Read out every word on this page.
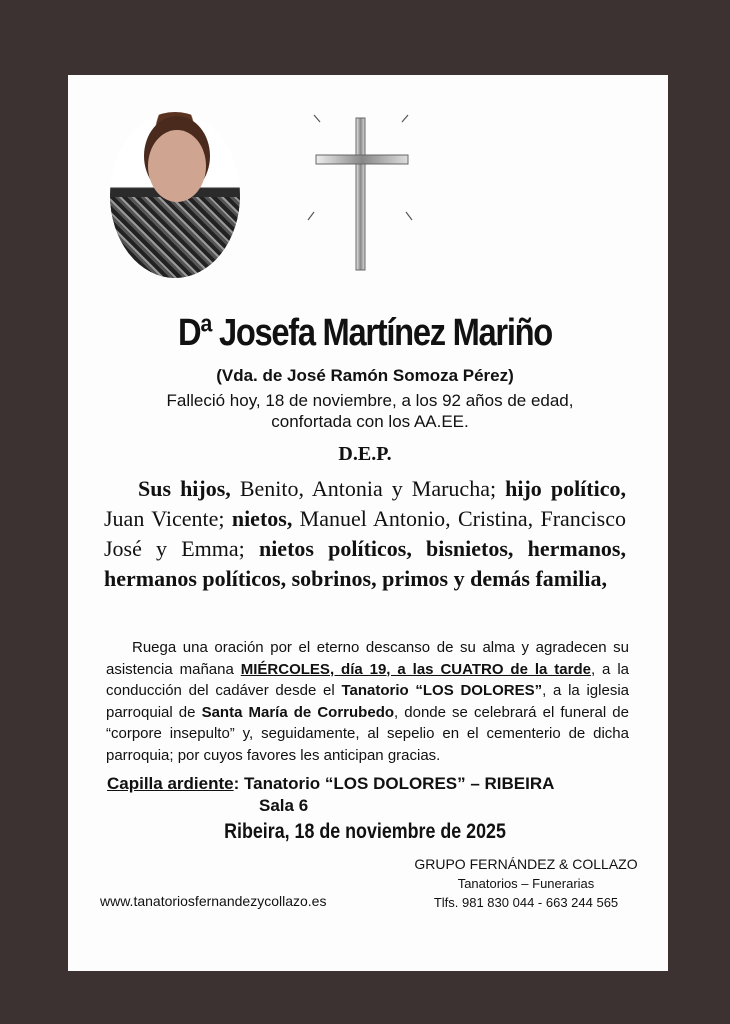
Dª Josefa Martínez Mariño
(Vda. de José Ramón Somoza Pérez)
Falleció hoy, 18 de noviembre, a los 92 años de edad,
confortada con los AA.EE.
D.E.P.
Sus hijos, Benito, Antonia y Marucha; hijo político, Juan Vicente; nietos, Manuel Antonio, Cristina, Francisco José y Emma; nietos políticos, bisnietos, hermanos, hermanos políticos, sobrinos, primos y demás familia,
Ruega una oración por el eterno descanso de su alma y agradecen su asistencia mañana MIÉRCOLES, día 19, a las CUATRO de la tarde, a la conducción del cadáver desde el Tanatorio “LOS DOLORES”, a la iglesia parroquial de Santa María de Corrubedo, donde se celebrará el funeral de “corpore insepulto” y, seguidamente, al sepelio en el cementerio de dicha parroquia; por cuyos favores les anticipan gracias.
Capilla ardiente: Tanatorio “LOS DOLORES” – RIBEIRA
Sala 6
Ribeira, 18 de noviembre de 2025
GRUPO FERNÁNDEZ & COLLAZO
Tanatorios – Funerarias
Tlfs. 981 830 044 - 663 244 565
www.tanatoriosfernandezycollazo.es
